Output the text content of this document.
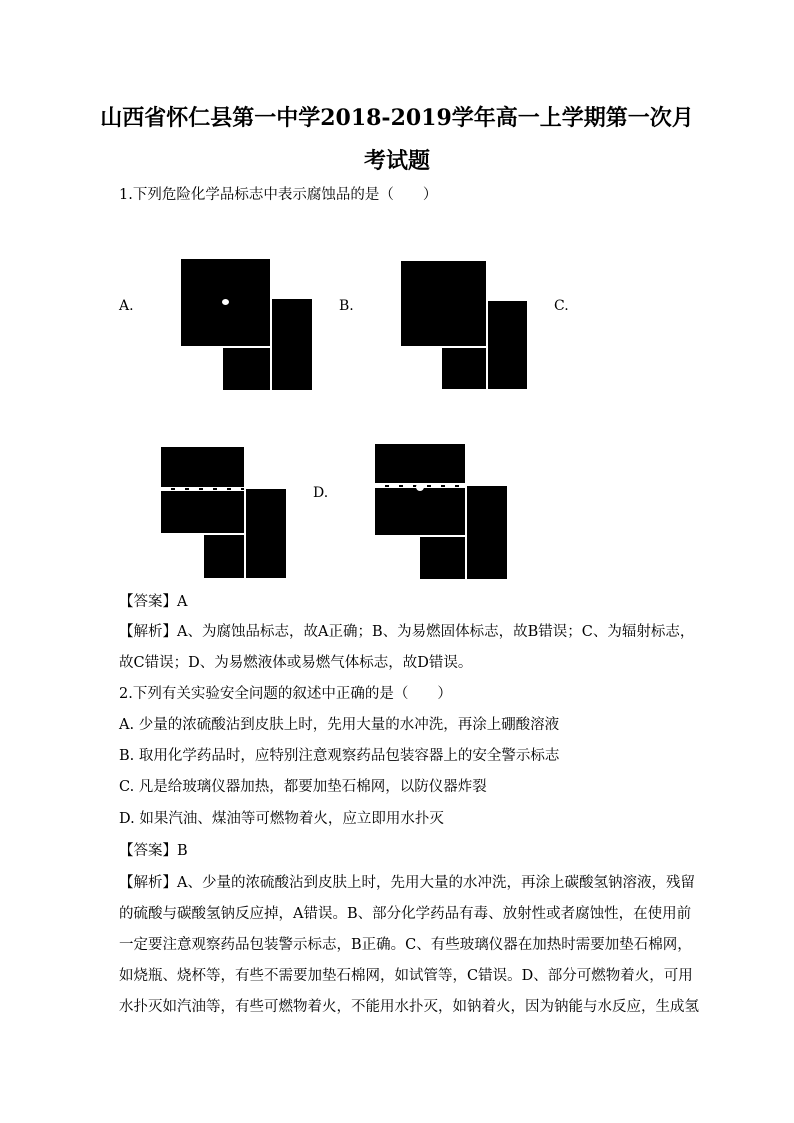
山西省怀仁县第一中学2018-2019学年高一上学期第一次月
考试题
1.下列危险化学品标志中表示腐蚀品的是（　　）
A.	B.	C.
D.
【答案】A
【解析】A、为腐蚀品标志，故A正确；B、为易燃固体标志，故B错误；C、为辐射标志，
故C错误；D、为易燃液体或易燃气体标志，故D错误。
2.下列有关实验安全问题的叙述中正确的是（　　）
A. 少量的浓硫酸沾到皮肤上时，先用大量的水冲洗，再涂上硼酸溶液
B. 取用化学药品时，应特别注意观察药品包装容器上的安全警示标志
C. 凡是给玻璃仪器加热，都要加垫石棉网，以防仪器炸裂
D. 如果汽油、煤油等可燃物着火，应立即用水扑灭
【答案】B
【解析】A、少量的浓硫酸沾到皮肤上时，先用大量的水冲洗，再涂上碳酸氢钠溶液，残留
的硫酸与碳酸氢钠反应掉，A错误。B、部分化学药品有毒、放射性或者腐蚀性，在使用前
一定要注意观察药品包装警示标志，B正确。C、有些玻璃仪器在加热时需要加垫石棉网，
如烧瓶、烧杯等，有些不需要加垫石棉网，如试管等，C错误。D、部分可燃物着火，可用
水扑灭如汽油等，有些可燃物着火，不能用水扑灭，如钠着火，因为钠能与水反应，生成氢
